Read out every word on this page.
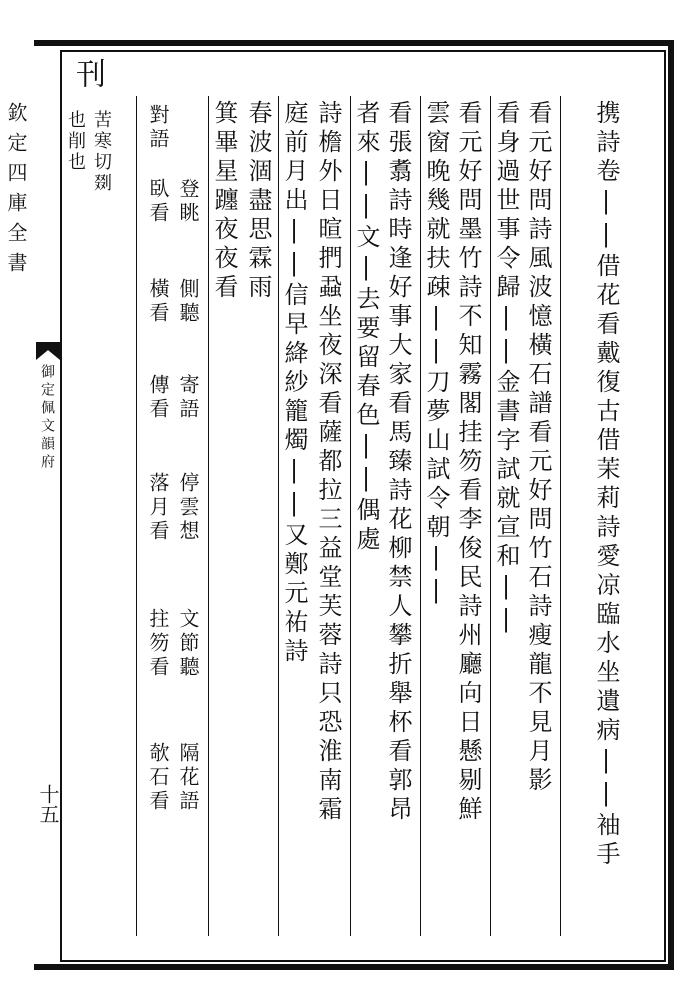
欽定四庫全書
御定佩文韻府
十五
刊
苦寒切剟
也削也	對語
登眺
側聽
寄語
停雲想
文節聽
隔花語
臥看
橫看
傳看
落月看
拄笏看
欹石看
箕畢星躔夜夜看 春波涸盡思霖雨 庭前月出||信早絳紗籠燭||又鄭元祐詩 詩檐外日暄捫蝨坐夜深看薩都拉三益堂芙蓉詩只恐淮南霜 者來||文|去要留春色||偶處 看張翥詩時逢好事大家看馬臻詩花柳禁人攀折舉杯看郭昂 雲窗晚幾就扶疎||刀夢山試令朝|| 看元好問墨竹詩不知霧閣挂笏看李俊民詩州廳向日懸剔鮮 看身過世事令歸||金書字試就宣和|| 看元好問詩風波憶橫石譜看元好問竹石詩瘦龍不見月影 携詩卷||借花看戴復古借茉莉詩愛凉臨水坐遺病||袖手
